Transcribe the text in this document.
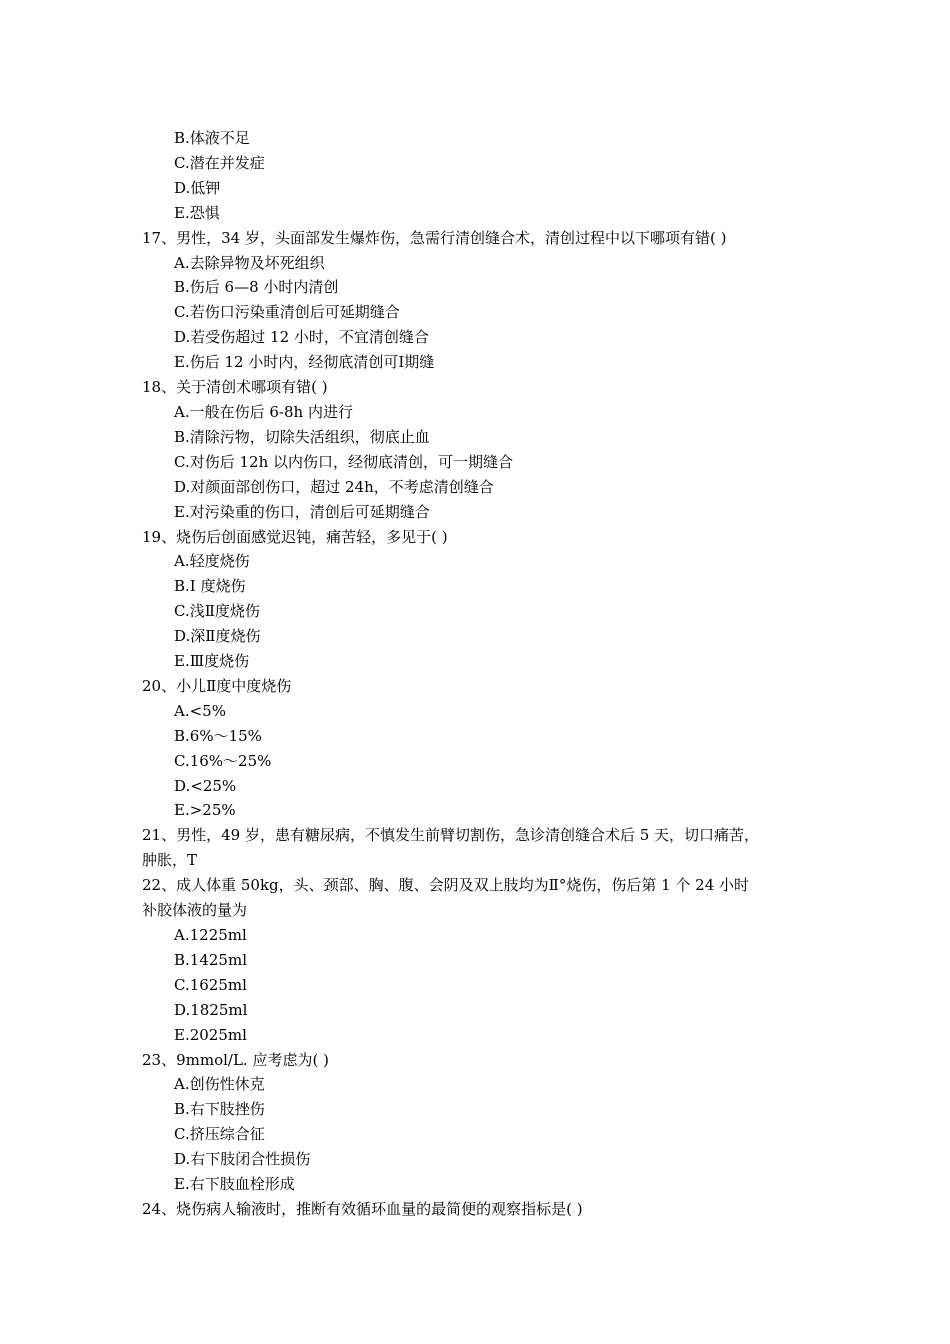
B.体液不足
C.潜在并发症
D.低钾
E.恐惧
17、男性，34 岁，头面部发生爆炸伤，急需行清创缝合术，清创过程中以下哪项有错( )
A.去除异物及坏死组织
B.伤后 6—8 小时内清创
C.若伤口污染重清创后可延期缝合
D.若受伤超过 12 小时，不宜清创缝合
E.伤后 12 小时内，经彻底清创可Ⅰ期缝
18、关于清创术哪项有错( )
A.一般在伤后 6-8h 内进行
B.清除污物，切除失活组织，彻底止血
C.对伤后 12h 以内伤口，经彻底清创，可一期缝合
D.对颜面部创伤口，超过 24h，不考虑清创缝合
E.对污染重的伤口，清创后可延期缝合
19、烧伤后创面感觉迟钝，痛苦轻，多见于( )
A.轻度烧伤
B.Ⅰ 度烧伤
C.浅Ⅱ度烧伤
D.深Ⅱ度烧伤
E.Ⅲ度烧伤
20、小儿Ⅱ度中度烧伤
A.<5%
B.6%～15%
C.16%～25%
D.<25%
E.>25%
21、男性，49 岁，患有糖尿病，不慎发生前臂切割伤，急诊清创缝合术后 5 天，切口痛苦，
肿胀，T
22、成人体重 50kg，头、颈部、胸、腹、会阴及双上肢均为Ⅱ°烧伤，伤后第 1 个 24 小时
补胶体液的量为
A.1225ml
B.1425ml
C.1625ml
D.1825ml
E.2025ml
23、9mmol/L. 应考虑为( )
A.创伤性休克
B.右下肢挫伤
C.挤压综合征
D.右下肢闭合性损伤
E.右下肢血栓形成
24、烧伤病人输液时，推断有效循环血量的最简便的观察指标是( )
